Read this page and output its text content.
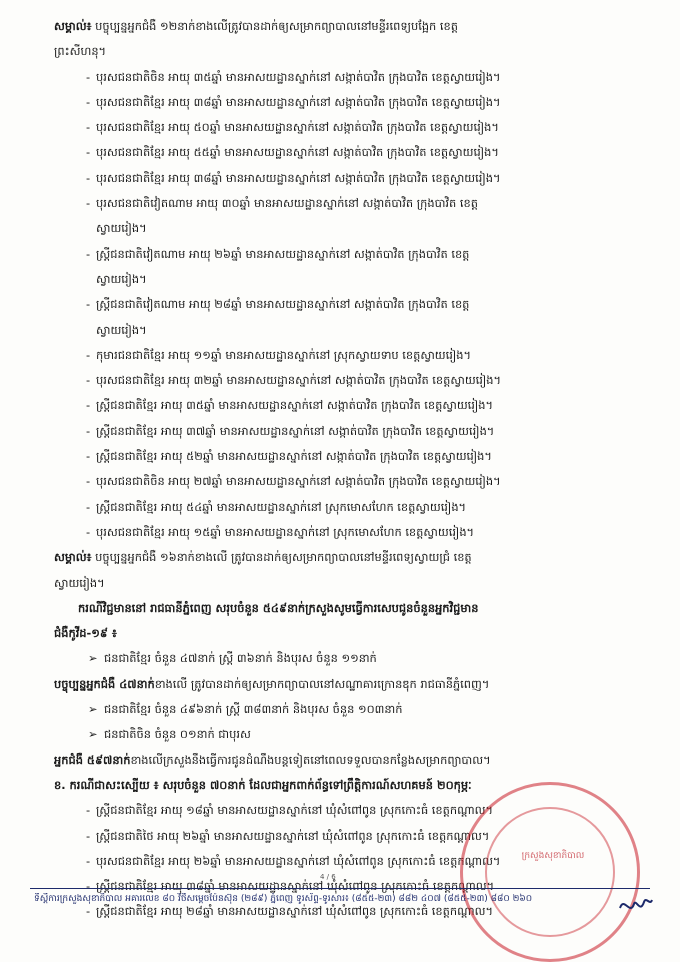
សម្គាល់៖ បច្ចុប្បន្នអ្នកជំងឺ ១២នាក់ខាងលើត្រូវបានដាក់ឲ្យសម្រាកព្យាបាលនៅមន្ទីរពេទ្យបង្អែក ខេត្ត
ព្រះសីហនុ។
- បុរសជនជាតិចិន អាយុ ៣៥ឆ្នាំ មានអាសយដ្ឋានស្នាក់នៅ សង្កាត់បាវិត ក្រុងបាវិត ខេត្តស្វាយរៀង។
- បុរសជនជាតិខ្មែរ អាយុ ៣៨ឆ្នាំ មានអាសយដ្ឋានស្នាក់នៅ សង្កាត់បាវិត ក្រុងបាវិត ខេត្តស្វាយរៀង។
- បុរសជនជាតិខ្មែរ អាយុ ៥០ឆ្នាំ មានអាសយដ្ឋានស្នាក់នៅ សង្កាត់បាវិត ក្រុងបាវិត ខេត្តស្វាយរៀង។
- បុរសជនជាតិខ្មែរ អាយុ ៥៥ឆ្នាំ មានអាសយដ្ឋានស្នាក់នៅ សង្កាត់បាវិត ក្រុងបាវិត ខេត្តស្វាយរៀង។
- បុរសជនជាតិខ្មែរ អាយុ ៣៨ឆ្នាំ មានអាសយដ្ឋានស្នាក់នៅ សង្កាត់បាវិត ក្រុងបាវិត ខេត្តស្វាយរៀង។
- បុរសជនជាតិវៀតណាម អាយុ ៣០ឆ្នាំ មានអាសយដ្ឋានស្នាក់នៅ សង្កាត់បាវិត ក្រុងបាវិត ខេត្ត
ស្វាយរៀង។
- ស្ត្រីជនជាតិវៀតណាម អាយុ ២៦ឆ្នាំ មានអាសយដ្ឋានស្នាក់នៅ សង្កាត់បាវិត ក្រុងបាវិត ខេត្ត
ស្វាយរៀង។
- ស្ត្រីជនជាតិវៀតណាម អាយុ ២៨ឆ្នាំ មានអាសយដ្ឋានស្នាក់នៅ សង្កាត់បាវិត ក្រុងបាវិត ខេត្ត
ស្វាយរៀង។
- កុមារជនជាតិខ្មែរ អាយុ ១១ឆ្នាំ មានអាសយដ្ឋានស្នាក់នៅ ស្រុកស្វាយទាប ខេត្តស្វាយរៀង។
- បុរសជនជាតិខ្មែរ អាយុ ៣២ឆ្នាំ មានអាសយដ្ឋានស្នាក់នៅ សង្កាត់បាវិត ក្រុងបាវិត ខេត្តស្វាយរៀង។
- ស្ត្រីជនជាតិខ្មែរ អាយុ ៣៥ឆ្នាំ មានអាសយដ្ឋានស្នាក់នៅ សង្កាត់បាវិត ក្រុងបាវិត ខេត្តស្វាយរៀង។
- ស្ត្រីជនជាតិខ្មែរ អាយុ ៣៧ឆ្នាំ មានអាសយដ្ឋានស្នាក់នៅ សង្កាត់បាវិត ក្រុងបាវិត ខេត្តស្វាយរៀង។
- ស្ត្រីជនជាតិខ្មែរ អាយុ ៥២ឆ្នាំ មានអាសយដ្ឋានស្នាក់នៅ សង្កាត់បាវិត ក្រុងបាវិត ខេត្តស្វាយរៀង។
- បុរសជនជាតិចិន អាយុ ២៧ឆ្នាំ មានអាសយដ្ឋានស្នាក់នៅ សង្កាត់បាវិត ក្រុងបាវិត ខេត្តស្វាយរៀង។
- ស្ត្រីជនជាតិខ្មែរ អាយុ ៥៤ឆ្នាំ មានអាសយដ្ឋានស្នាក់នៅ ស្រុកមោសហែក ខេត្តស្វាយរៀង។
- បុរសជនជាតិខ្មែរ អាយុ ១៥ឆ្នាំ មានអាសយដ្ឋានស្នាក់នៅ ស្រុកមោសហែក ខេត្តស្វាយរៀង។
សម្គាល់៖ បច្ចុប្បន្នអ្នកជំងឺ ១៦នាក់ខាងលើ ត្រូវបានដាក់ឲ្យសម្រាកព្យាបាលនៅមន្ទីរពេទ្យស្វាយជ្រំ ខេត្ត
ស្វាយរៀង។
ករណីវិជ្ជមាននៅ រាជធានីភ្នំពេញ សរុបចំនួន ៥៤៩នាក់ក្រសួងសូមធ្វើការសេបជូនចំនួនអ្នកវិជ្ជមាន
ជំងឺកូវីដ-១៩ ៖
➢ ជនជាតិខ្មែរ ចំនួន ៤៧នាក់ ស្ត្រី ៣៦នាក់ និងបុរស ចំនួន ១១នាក់
បច្ចុប្បន្នអ្នកជំងឺ ៤៧នាក់ខាងលើ ត្រូវបានដាក់ឲ្យសម្រាកព្យាបាលនៅសណ្ឋាគារក្រោនឌុក រាជធានីភ្នំពេញ។
➢ ជនជាតិខ្មែរ ចំនួន ៤៩៦នាក់ ស្ត្រី ៣៨៣នាក់ និងបុរស ចំនួន ១០៣នាក់
➢ ជនជាតិចិន ចំនួន ០១នាក់ ជាបុរស
អ្នកជំងឺ ៥៩៧នាក់ខាងលើក្រសួងនឹងធ្វើការជូនដំណឹងបន្តទៀតនៅពេលទទួលបានកន្លែងសម្រាកព្យាបាល។
ខ. ករណីជាសះស្បើយ ៖ សរុបចំនួន ៧០នាក់ ដែលជាអ្នកពាក់ព័ន្ធទៅព្រឹត្តិការណ៍សហគមន៍ ២០កុម្ភៈ
- ស្ត្រីជនជាតិខ្មែរ អាយុ ១៨ឆ្នាំ មានអាសយដ្ឋានស្នាក់នៅ ឃុំសំពៅពូន ស្រុកកោះធំ ខេត្តកណ្ដាល។
- ស្ត្រីជនជាតិថៃ អាយុ ២៦ឆ្នាំ មានអាសយដ្ឋានស្នាក់នៅ ឃុំសំពៅពូន ស្រុកកោះធំ ខេត្តកណ្ដាល។
- បុរសជនជាតិខ្មែរ អាយុ ២៦ឆ្នាំ មានអាសយដ្ឋានស្នាក់នៅ ឃុំសំពៅពូន ស្រុកកោះធំ ខេត្តកណ្ដាល។
- ស្ត្រីជនជាតិខ្មែរ អាយុ ៣៨ឆ្នាំ មានអាសយដ្ឋានស្នាក់នៅ ឃុំសំពៅពូន ស្រុកកោះធំ ខេត្តកណ្ដាល។
- ស្ត្រីជនជាតិខ្មែរ អាយុ ២៨ឆ្នាំ មានអាសយដ្ឋានស្នាក់នៅ ឃុំសំពៅពូន ស្រុកកោះធំ ខេត្តកណ្ដាល។
ក្រសួងសុខាភិបាល
4 / 6
ទីស្តីការក្រសួងសុខាភិបាល អគារលេខ ៨០ វិថីសម្តេចប៉ែនស៊ុន (២៨៩) ភ្នំពេញ ទូរស័ព្ទ-ទូរសារ៖ (៨៥៥-២៣) ៨៨២ ៤០៧ (៨៥៥-២៣) ៨៨០ ២៦០
